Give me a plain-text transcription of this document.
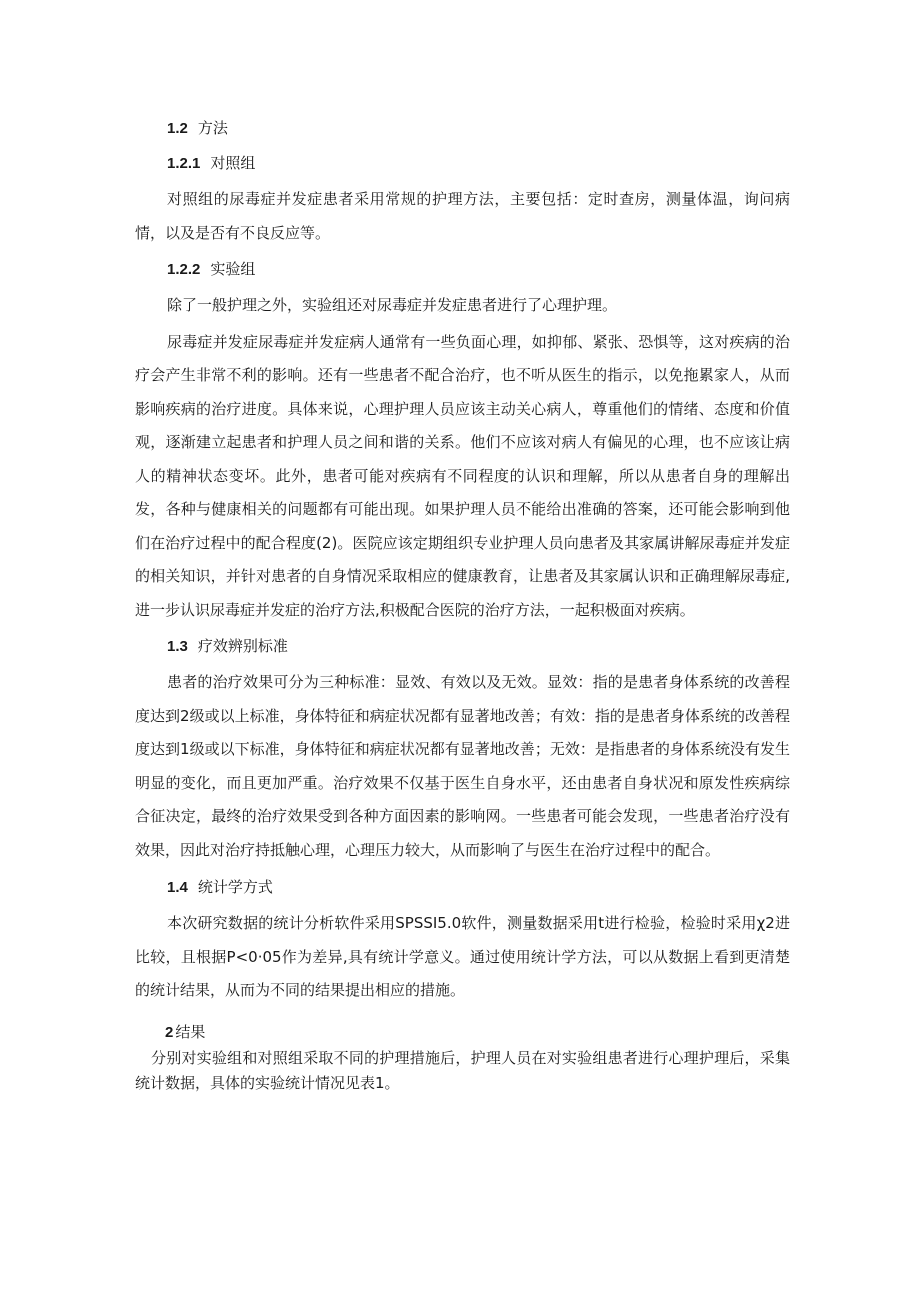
1.2 方法

1.2.1 对照组

对照组的尿毒症并发症患者采用常规的护理方法，主要包括：定时查房，测量体温，询问病情，以及是否有不良反应等。

1.2.2 实验组

除了一般护理之外，实验组还对尿毒症并发症患者进行了心理护理。

尿毒症并发症尿毒症并发症病人通常有一些负面心理，如抑郁、紧张、恐惧等，这对疾病的治疗会产生非常不利的影响。还有一些患者不配合治疗，也不听从医生的指示，以免拖累家人，从而影响疾病的治疗进度。具体来说，心理护理人员应该主动关心病人，尊重他们的情绪、态度和价值观，逐渐建立起患者和护理人员之间和谐的关系。他们不应该对病人有偏见的心理，也不应该让病人的精神状态变坏。此外，患者可能对疾病有不同程度的认识和理解，所以从患者自身的理解出发，各种与健康相关的问题都有可能出现。如果护理人员不能给出准确的答案，还可能会影响到他们在治疗过程中的配合程度(2)。医院应该定期组织专业护理人员向患者及其家属讲解尿毒症并发症的相关知识，并针对患者的自身情况采取相应的健康教育，让患者及其家属认识和正确理解尿毒症,进一步认识尿毒症并发症的治疗方法,积极配合医院的治疗方法，一起积极面对疾病。

1.3 疗效辨别标准

患者的治疗效果可分为三种标准：显效、有效以及无效。显效：指的是患者身体系统的改善程度达到2级或以上标准，身体特征和病症状况都有显著地改善；有效：指的是患者身体系统的改善程度达到1级或以下标准，身体特征和病症状况都有显著地改善；无效：是指患者的身体系统没有发生明显的变化，而且更加严重。治疗效果不仅基于医生自身水平，还由患者自身状况和原发性疾病综合征决定，最终的治疗效果受到各种方面因素的影响网。一些患者可能会发现，一些患者治疗没有效果，因此对治疗持抵触心理，心理压力较大，从而影响了与医生在治疗过程中的配合。

1.4 统计学方式

本次研究数据的统计分析软件采用SPSSI5.0软件，测量数据采用t进行检验，检验时采用χ2进比较，且根据P<0·05作为差异,具有统计学意义。通过使用统计学方法，可以从数据上看到更清楚的统计结果，从而为不同的结果提出相应的措施。

2 结果

分别对实验组和对照组采取不同的护理措施后，护理人员在对实验组患者进行心理护理后，采集统计数据，具体的实验统计情况见表1。
